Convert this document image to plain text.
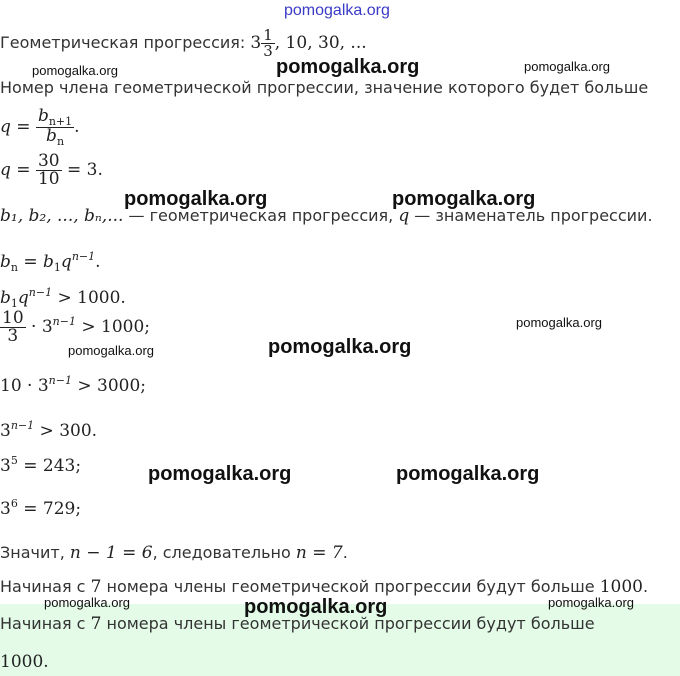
pomogalka.org
Геометрическая прогрессия: $3 \frac{1}{3}$ , 10, 30, ...
Номер члена геометрической прогрессии, значение которого будет больше
$q = \frac{b_{n+1}}{b_n}$ .
$q = \frac{30}{10} = 3$.
b₁, b₂, ..., bₙ,... — геометрическая прогрессия, q — знаменатель прогрессии.
$b_n = b_1q^{n-1}$.
$b_1q^{n-1} > 1000$.
$\frac{10}{3} \cdot 3^{n-1} > 1000$;
$10 \cdot 3^{n-1} > 3000$;
$3^{n-1} > 300$.
$3^5 = 243$;
$3^6 = 729$;
Значит, n − 1 = 6, следовательно n = 7.
Начиная с 7 номера члены геометрической прогрессии будут больше 1000.
Начиная с 7 номера члены геометрической прогрессии будут больше
1000.
pomogalka.org	pomogalka.org	pomogalka.org
pomogalka.org	pomogalka.org
pomogalka.org
pomogalka.org	pomogalka.org
pomogalka.org	pomogalka.org
pomogalka.org	pomogalka.org	pomogalka.org
